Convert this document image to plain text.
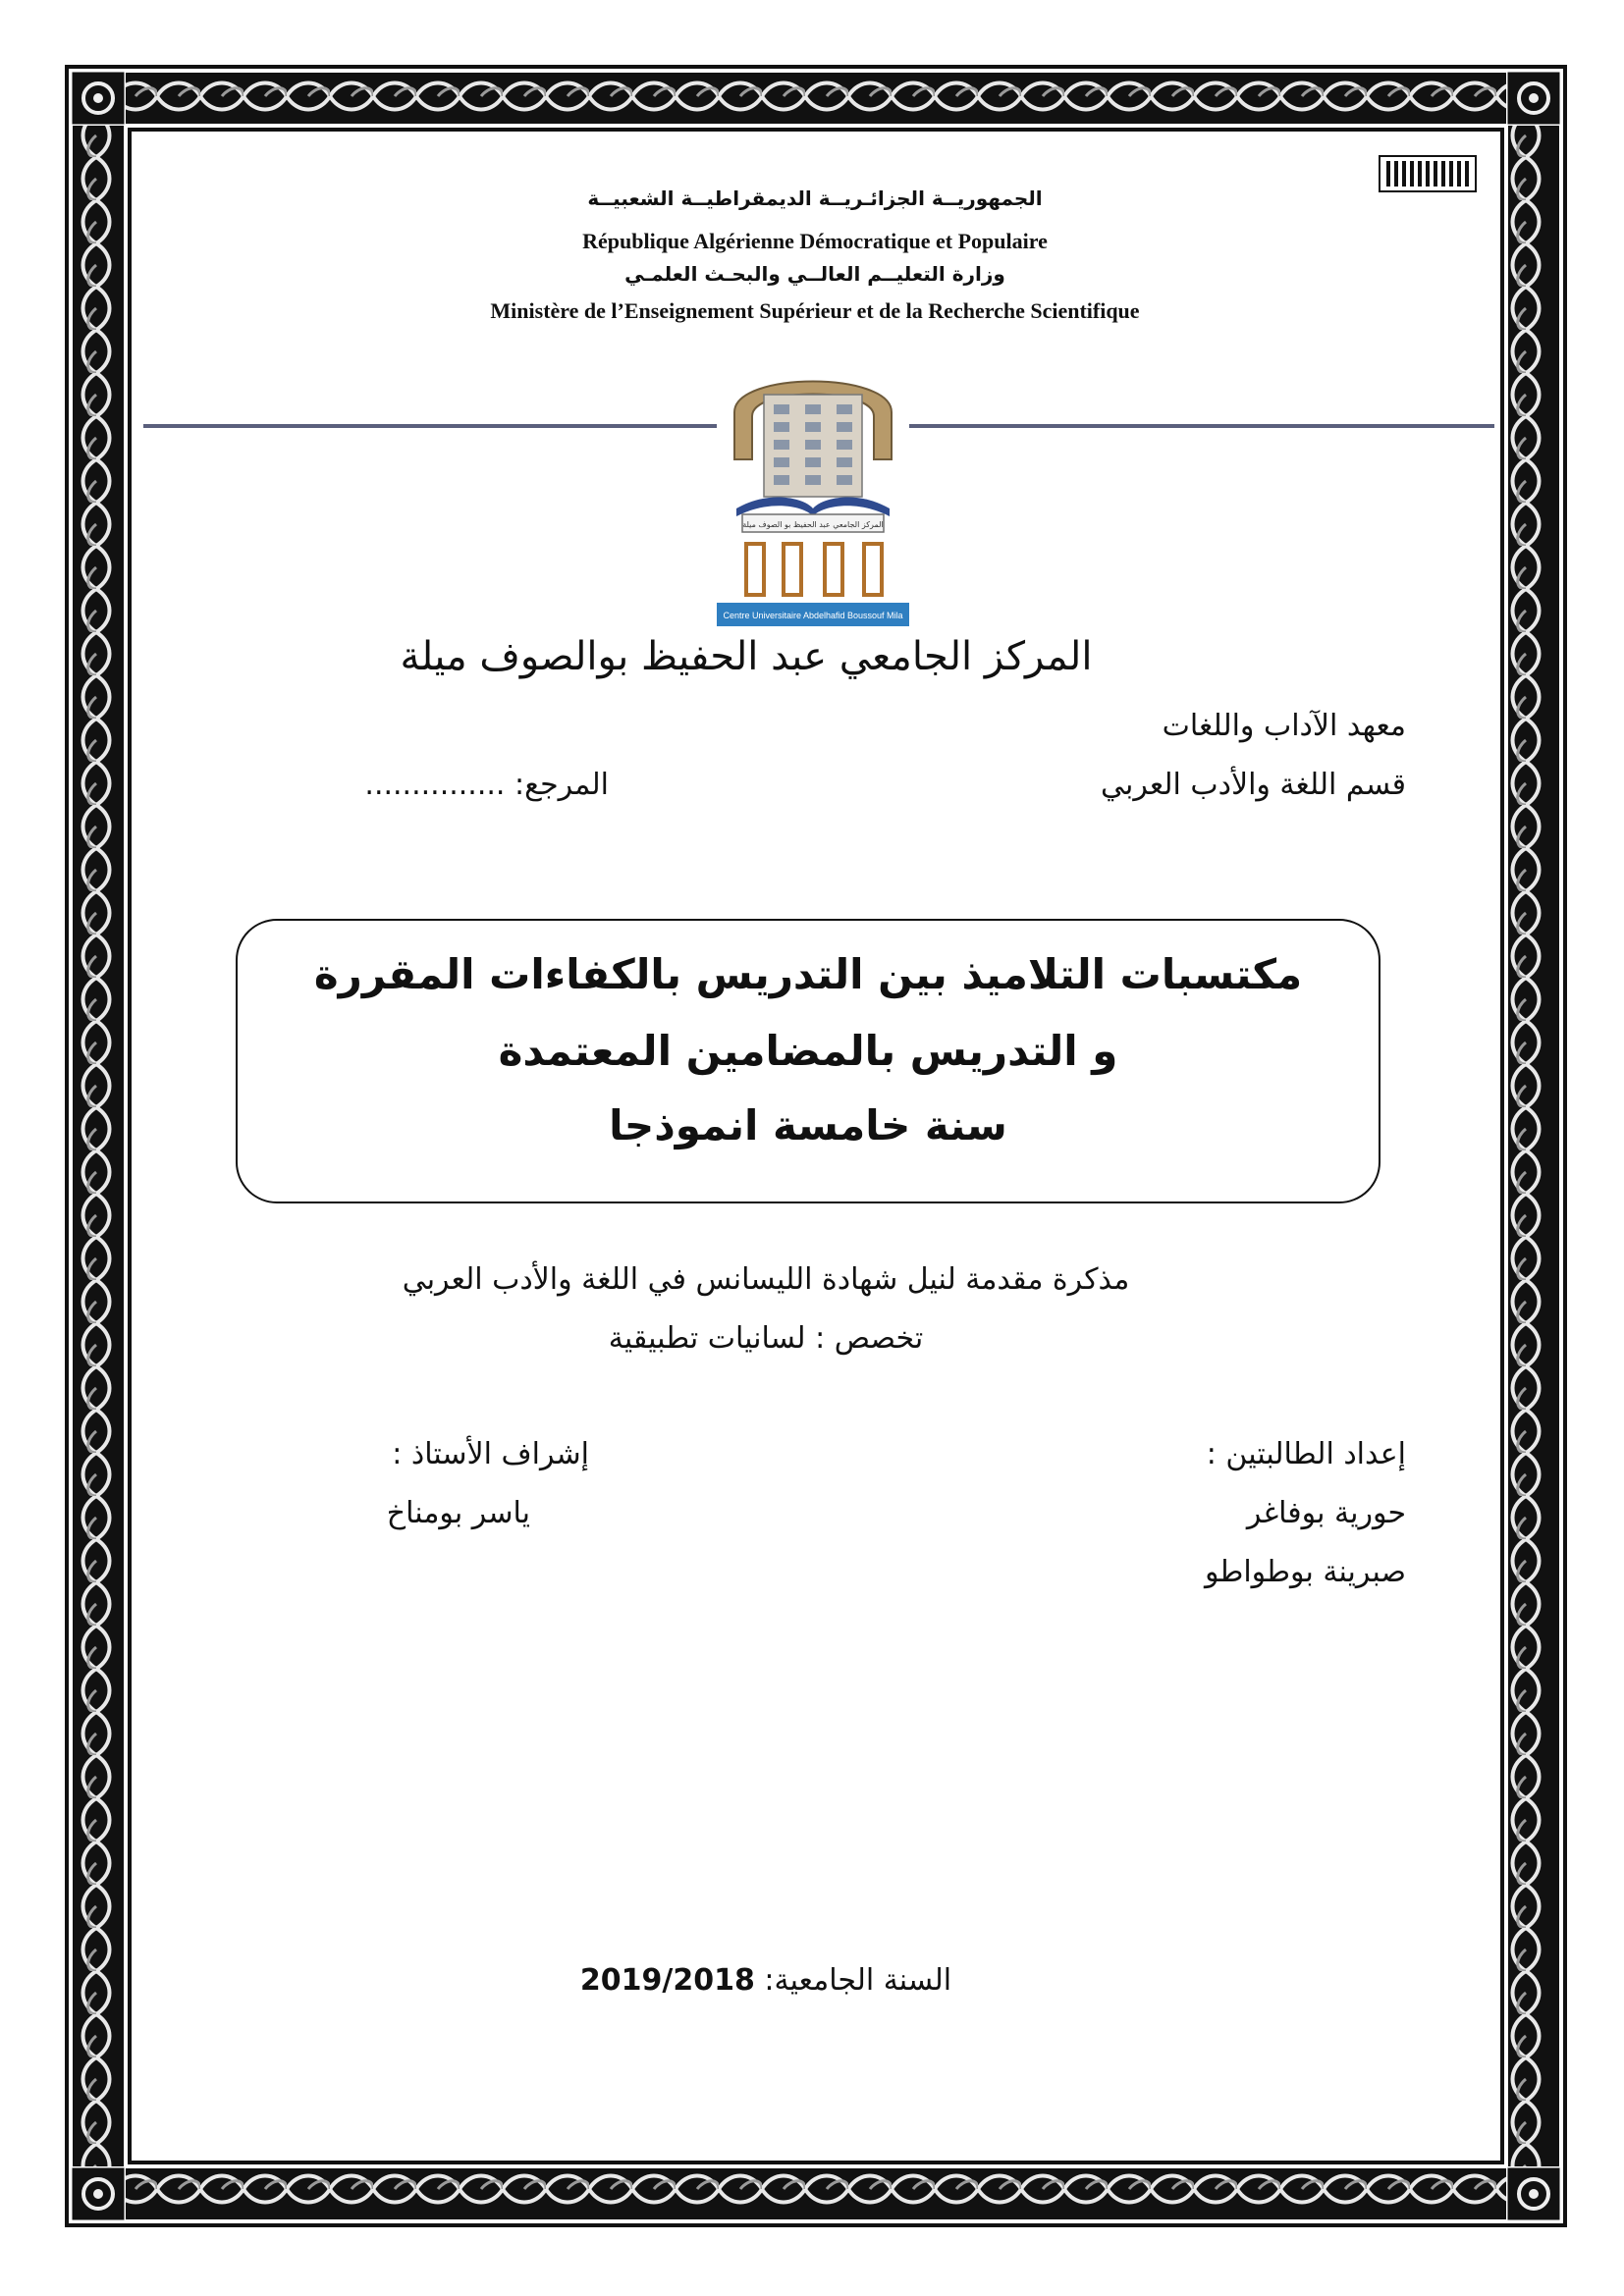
الجمهوريــة الجزائـريــة الديمقراطيــة الشعبيــة
République Algérienne Démocratique et Populaire
وزارة التعليــم العالــي والبحـث العلمـي
Ministère de l’Enseignement Supérieur et de la Recherche Scientifique
المركز الجامعي عبد الحفيظ بو الصوف ميلة
Centre Universitaire Abdelhafid Boussouf Mila
المركز الجامعي عبد الحفيظ بوالصوف ميلة
معهد الآداب واللغات
قسم اللغة والأدب العربي
المرجع: ...............
مكتسبات التلاميذ بين التدريس بالكفاءات المقررة
و التدريس بالمضامين المعتمدة
سنة خامسة انموذجا
مذكرة مقدمة لنيل شهادة الليسانس في اللغة والأدب العربي
تخصص : لسانيات تطبيقية
إعداد الطالبتين :
حورية بوفاغر
صبرينة بوطواطو
إشراف الأستاذ :
ياسر بومناخ
السنة الجامعية: 2019/2018
